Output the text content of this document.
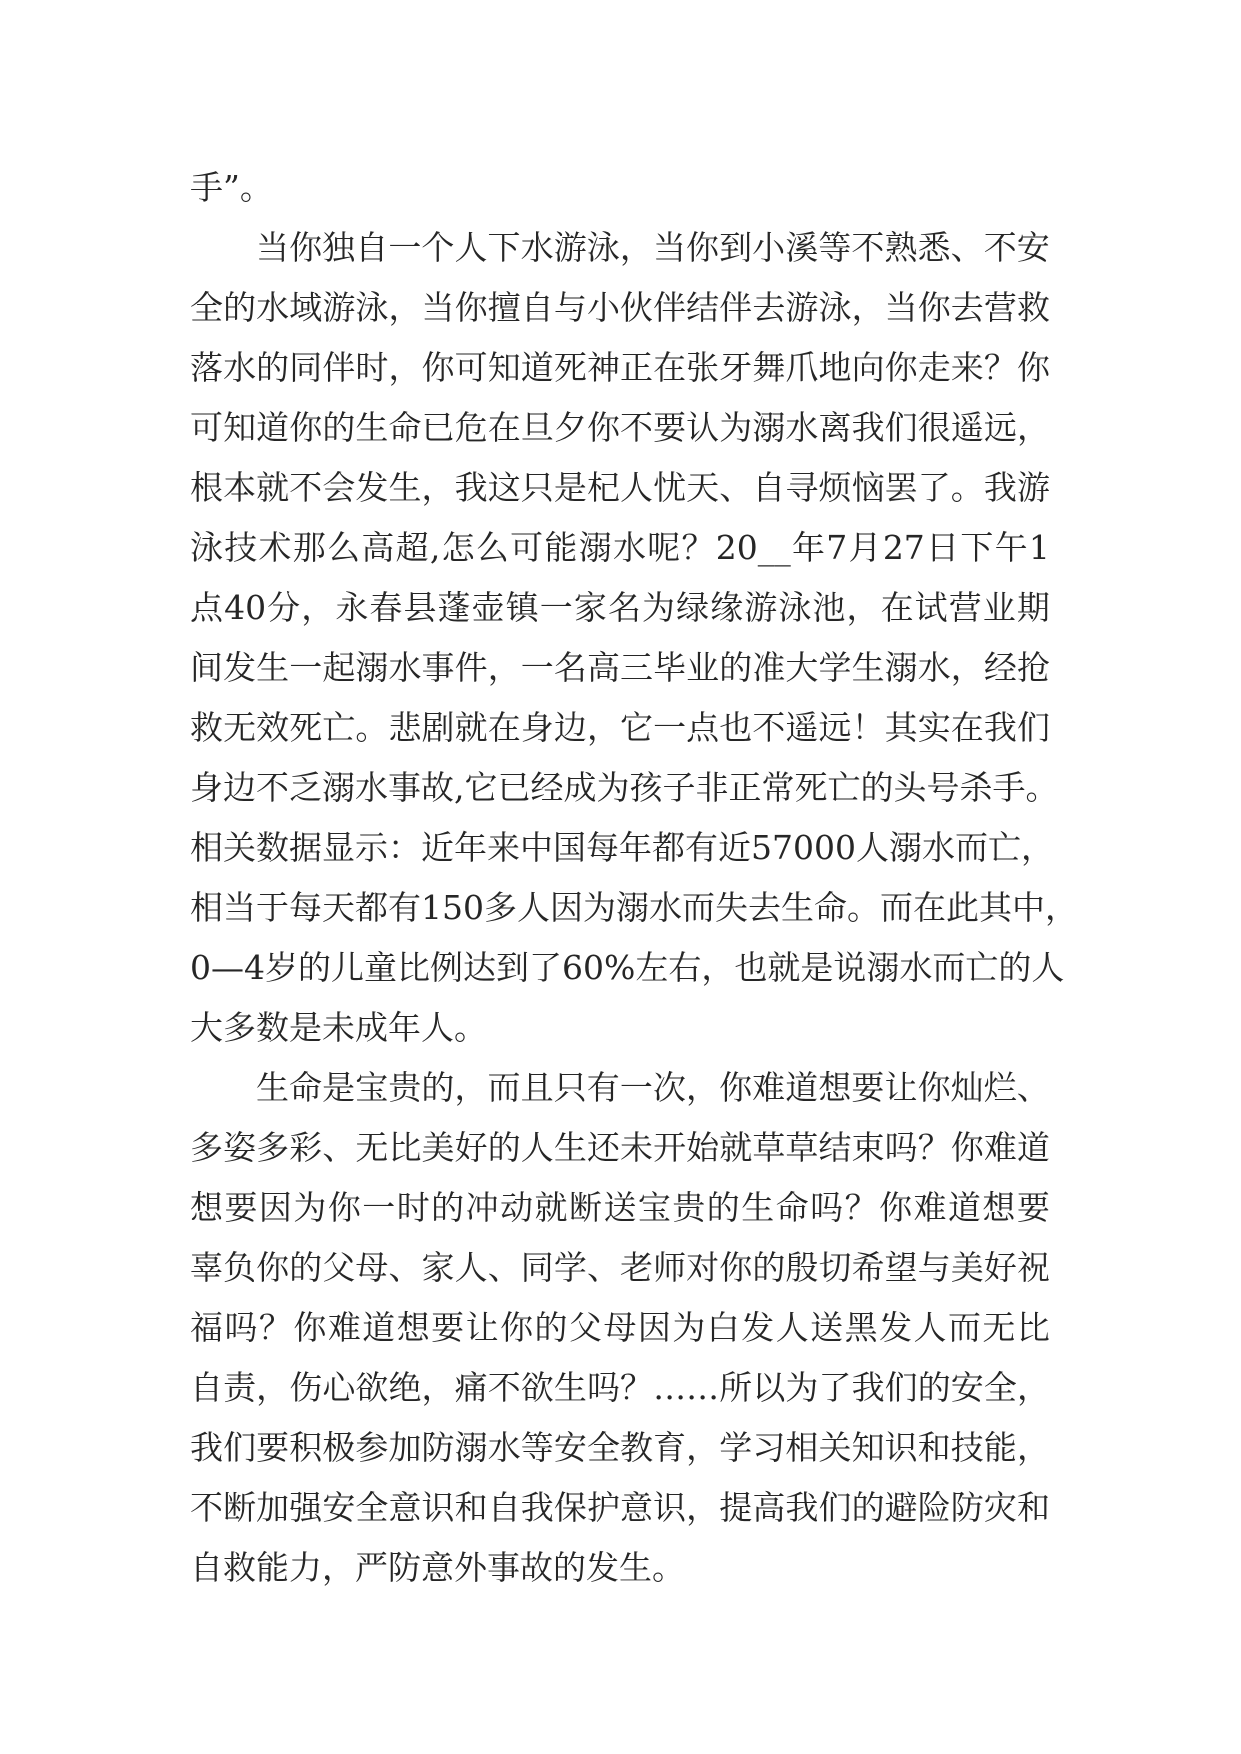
手”。
当 你 独 自 一 个 人 下 水 游 泳 ， 当 你 到 小 溪 等 不 熟 悉 、 不 安
全 的 水 域 游 泳 ， 当 你 擅 自 与 小 伙 伴 结 伴 去 游 泳 ， 当 你 去 营 救
落 水 的 同 伴 时 ， 你 可 知 道 死 神 正 在 张 牙 舞 爪 地 向 你 走 来 ？ 你
可 知 道 你 的 生 命 已 危 在 旦 夕 你 不 要 认 为 溺 水 离 我 们 很 遥 远 ，
根 本 就 不 会 发 生 ， 我 这 只 是 杞 人 忧 天 、 自 寻 烦 恼 罢 了 。 我 游
泳 技 术 那 么 高 超 , 怎 么 可 能 溺 水 呢 ？ 20__ 年 7 月 27 日 下 午 1
点 40 分 ， 永 春 县 蓬 壶 镇 一 家 名 为 绿 缘 游 泳 池 ， 在 试 营 业 期
间 发 生 一 起 溺 水 事 件 ， 一 名 高 三 毕 业 的 准 大 学 生 溺 水 ， 经 抢
救 无 效 死 亡 。 悲 剧 就 在 身 边 ， 它 一 点 也 不 遥 远 ！ 其 实 在 我 们
身 边 不 乏 溺 水 事 故 , 它 已 经 成 为 孩 子 非 正 常 死 亡 的 头 号 杀 手 。
相 关 数 据 显 示 ： 近 年 来 中 国 每 年 都 有 近 57000 人 溺 水 而 亡 ，
相 当 于 每 天 都 有 150 多 人 因 为 溺 水 而 失 去 生 命 。 而 在 此 其 中 ，
0 — 4 岁 的 儿 童 比 例 达 到 了 60% 左 右 ， 也 就 是 说 溺 水 而 亡 的 人
大多数是未成年人。
生 命 是 宝 贵 的 ， 而 且 只 有 一 次 ， 你 难 道 想 要 让 你 灿 烂 、
多 姿 多 彩 、 无 比 美 好 的 人 生 还 未 开 始 就 草 草 结 束 吗 ？ 你 难 道
想 要 因 为 你 一 时 的 冲 动 就 断 送 宝 贵 的 生 命 吗 ？ 你 难 道 想 要
辜 负 你 的 父 母 、 家 人 、 同 学 、 老 师 对 你 的 殷 切 希 望 与 美 好 祝
福 吗 ？ 你 难 道 想 要 让 你 的 父 母 因 为 白 发 人 送 黑 发 人 而 无 比
自 责 ， 伤 心 欲 绝 ， 痛 不 欲 生 吗 ？ … … 所 以 为 了 我 们 的 安 全 ，
我 们 要 积 极 参 加 防 溺 水 等 安 全 教 育 ， 学 习 相 关 知 识 和 技 能 ，
不 断 加 强 安 全 意 识 和 自 我 保 护 意 识 ， 提 高 我 们 的 避 险 防 灾 和
自救能力，严防意外事故的发生。
